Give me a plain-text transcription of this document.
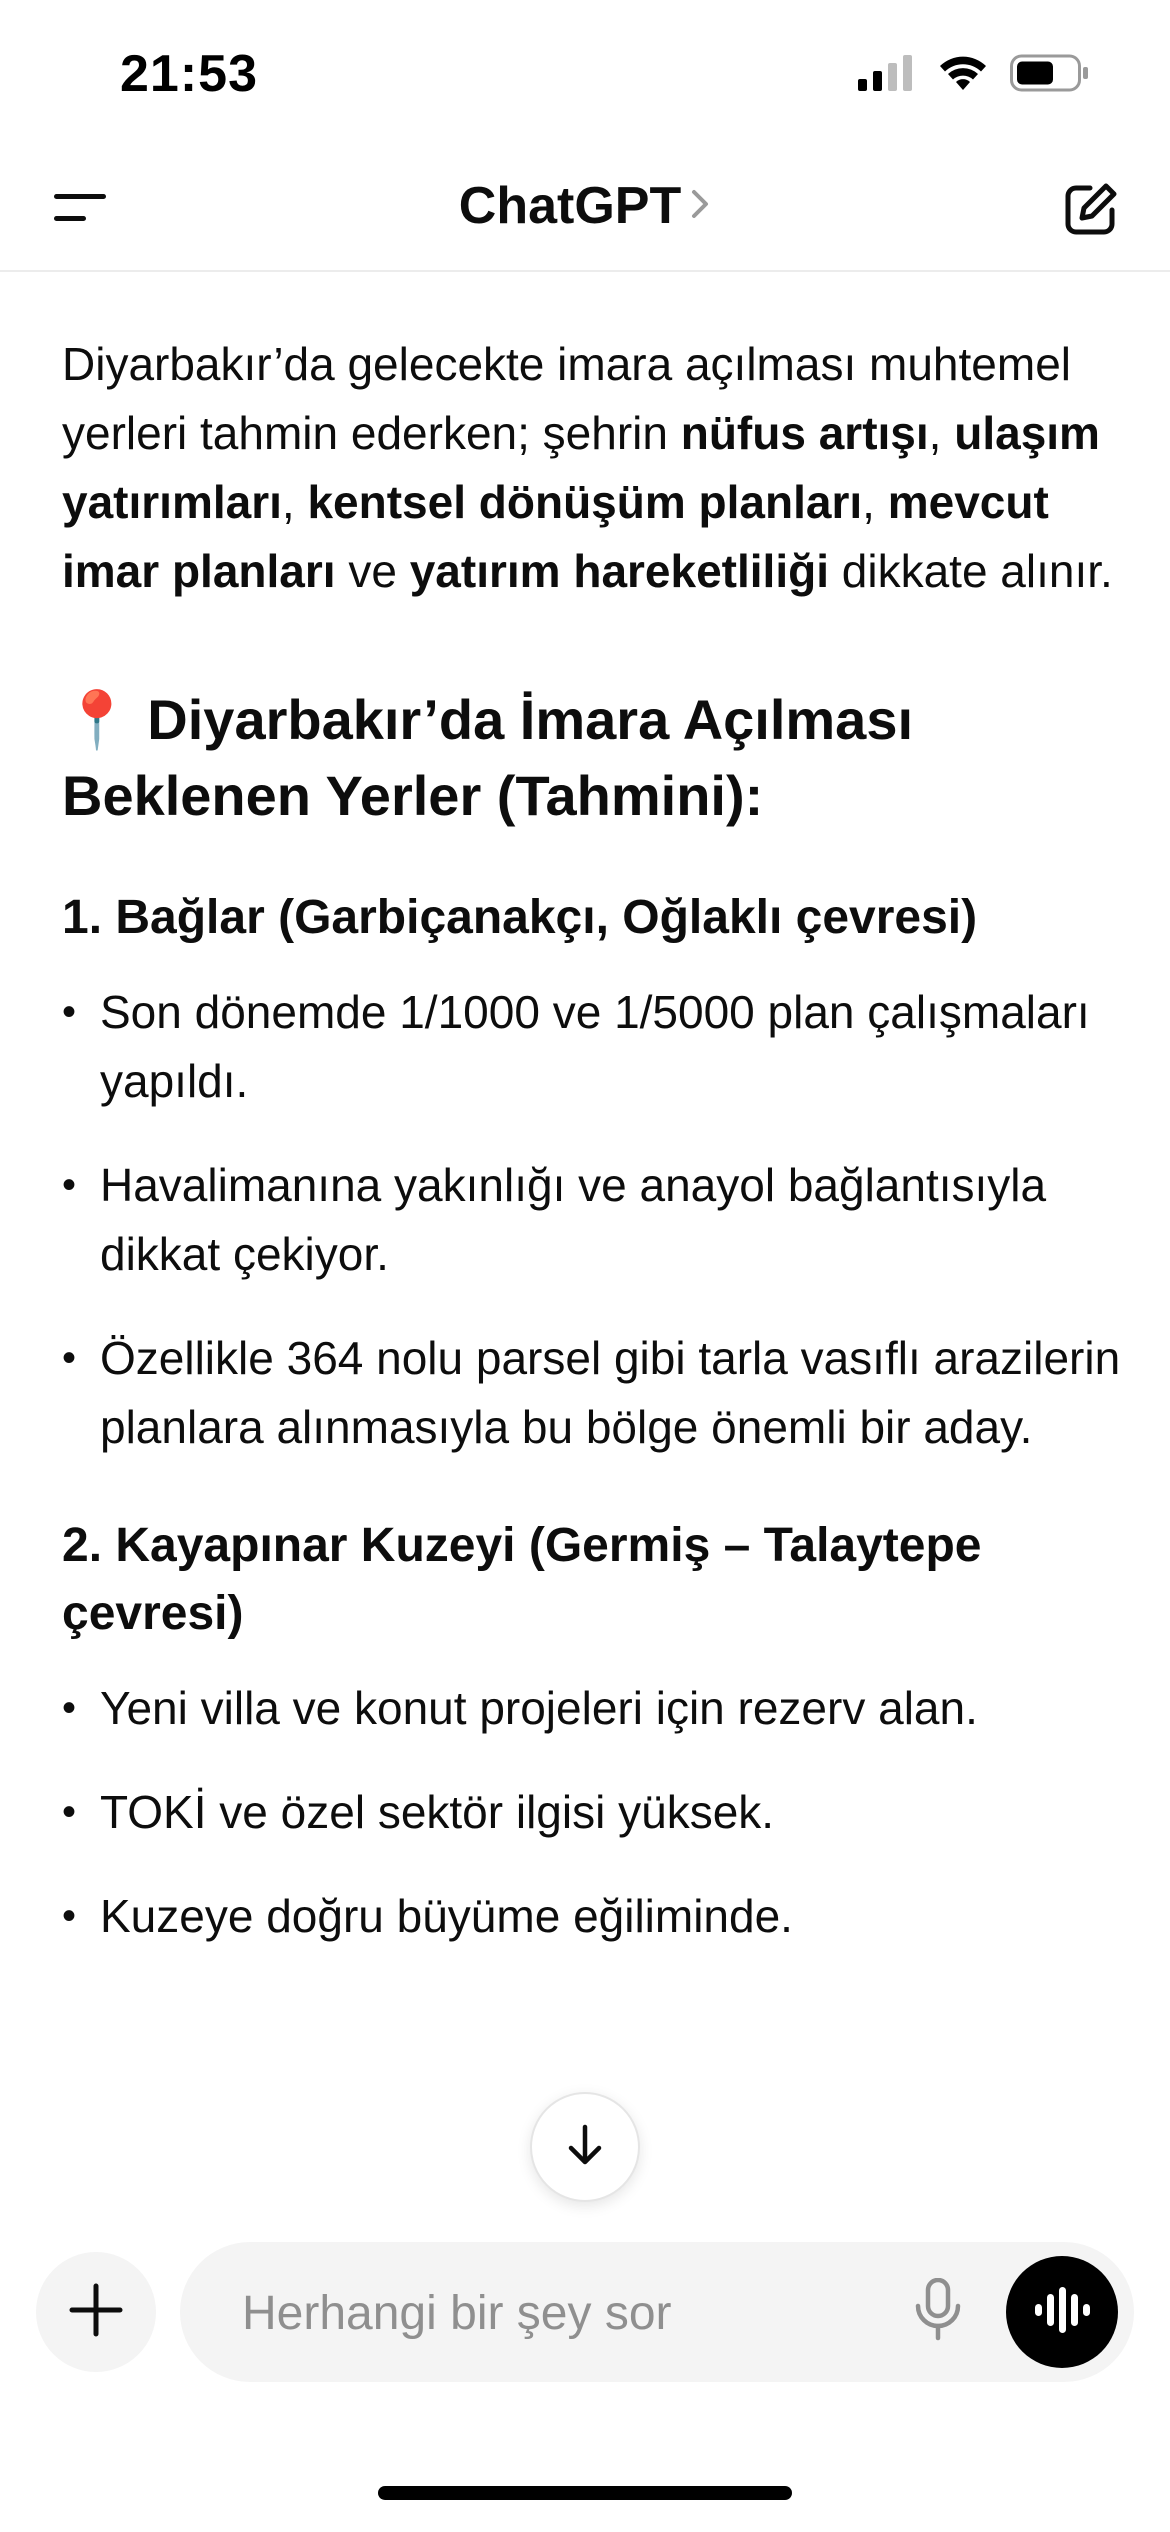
21:53
ChatGPT

Diyarbakır’da gelecekte imara açılması muhtemel yerleri tahmin ederken; şehrin nüfus artışı, ulaşım yatırımları, kentsel dönüşüm planları, mevcut imar planları ve yatırım hareketliliği dikkate alınır.

📍 Diyarbakır’da İmara Açılması Beklenen Yerler (Tahmini):
1. Bağlar (Garbiçanakçı, Oğlaklı çevresi)
• Son dönemde 1/1000 ve 1/5000 plan çalışmaları yapıldı.
• Havalimanına yakınlığı ve anayol bağlantısıyla dikkat çekiyor.
• Özellikle 364 nolu parsel gibi tarla vasıflı arazilerin planlara alınmasıyla bu bölge önemli bir aday.
2. Kayapınar Kuzeyi (Germiş – Talaytepe çevresi)
• Yeni villa ve konut projeleri için rezerv alan.
• TOKİ ve özel sektör ilgisi yüksek.
• Kuzeye doğru büyüme eğiliminde.
Herhangi bir şey sor
